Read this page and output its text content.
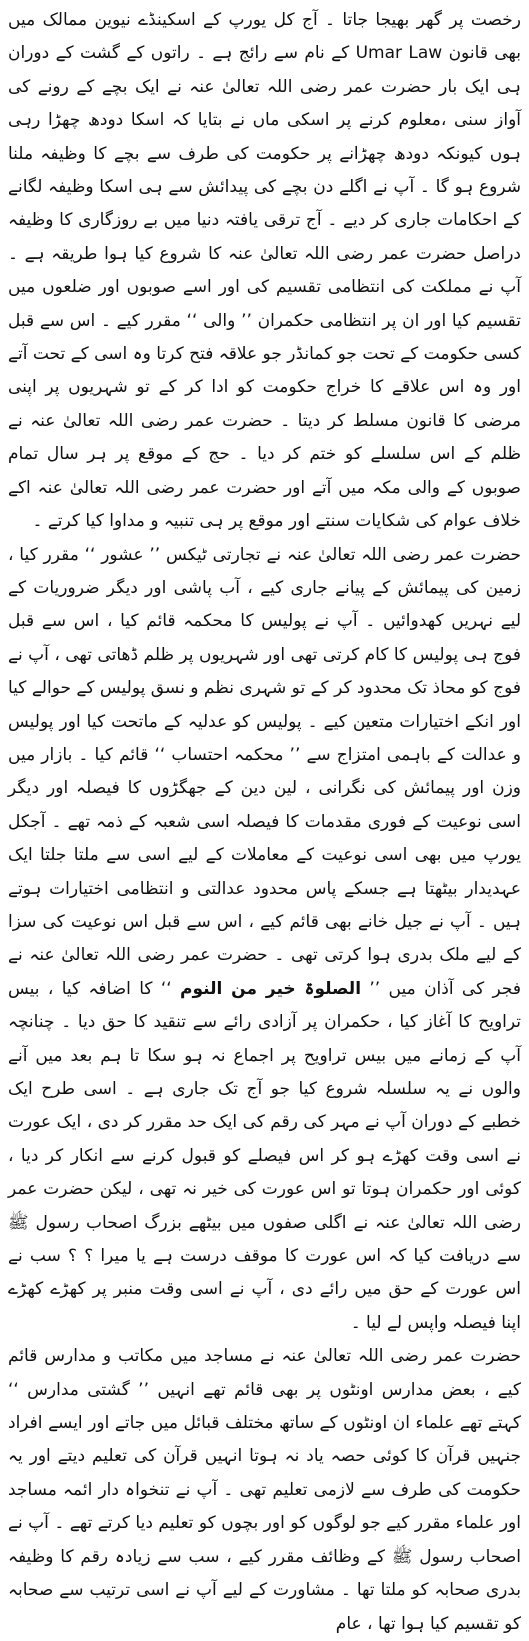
رخصت پر گھر بھیجا جاتا ۔ آج کل یورپ کے اسکینڈے نیوین ممالک میں بھی قانون Umar Law کے نام سے رائج ہے ۔ راتوں کے گشت کے دوران ہی ایک بار حضرت عمر رضی اللہ تعالیٰ عنہ نے ایک بچے کے رونے کی آواز سنی ،معلوم کرنے پر اسکی ماں نے بتایا کہ اسکا دودھ چھڑا رہی ہوں کیونکہ دودھ چھڑانے پر حکومت کی طرف سے بچے کا وظیفہ ملنا شروع ہو گا ۔ آپ نے اگلے دن بچے کی پیدائش سے ہی اسکا وظیفہ لگانے کے احکامات جاری کر دیے ۔ آج ترقی یافتہ دنیا میں بے روزگاری کا وظیفہ دراصل حضرت عمر رضی اللہ تعالیٰ عنہ کا شروع کیا ہوا طریقہ ہے ۔ آپ نے مملکت کی انتظامی تقسیم کی اور اسے صوبوں اور ضلعوں میں تقسیم کیا اور ان پر انتظامی حکمران ’’ والی ‘‘ مقرر کیے ۔ اس سے قبل کسی حکومت کے تحت جو کمانڈر جو علاقہ فتح کرتا وہ اسی کے تحت آتے اور وہ اس علاقے کا خراج حکومت کو ادا کر کے تو شہریوں پر اپنی مرضی کا قانون مسلط کر دیتا ۔ حضرت عمر رضی اللہ تعالیٰ عنہ نے ظلم کے اس سلسلے کو ختم کر دیا ۔ حج کے موقع پر ہر سال تمام صوبوں کے والی مکہ میں آتے اور حضرت عمر رضی اللہ تعالیٰ عنہ اکے خلاف عوام کی شکایات سنتے اور موقع پر ہی تنبیہ و مداوا کیا کرتے ۔

حضرت عمر رضی اللہ تعالیٰ عنہ نے تجارتی ٹیکس ’’ عشور ‘‘ مقرر کیا ، زمین کی پیمائش کے پیانے جاری کیے ، آب پاشی اور دیگر ضروریات کے لیے نہریں کھدوائیں ۔ آپ نے پولیس کا محکمہ قائم کیا ، اس سے قبل فوج ہی پولیس کا کام کرتی تھی اور شہریوں پر ظلم ڈھاتی تھی ، آپ نے فوج کو محاذ تک محدود کر کے تو شہری نظم و نسق پولیس کے حوالے کیا اور انکے اختیارات متعین کیے ۔ پولیس کو عدلیہ کے ماتحت کیا اور پولیس و عدالت کے باہمی امتزاج سے ’’ محکمہ احتساب ‘‘ قائم کیا ۔ بازار میں وزن اور پیمائش کی نگرانی ، لین دین کے جھگڑوں کا فیصلہ اور دیگر اسی نوعیت کے فوری مقدمات کا فیصلہ اسی شعبہ کے ذمہ تھے ۔ آجکل یورپ میں بھی اسی نوعیت کے معاملات کے لیے اسی سے ملتا جلتا ایک عہدیدار بیٹھتا ہے جسکے پاس محدود عدالتی و انتظامی اختیارات ہوتے ہیں ۔ آپ نے جیل خانے بھی قائم کیے ، اس سے قبل اس نوعیت کی سزا کے لیے ملک بدری ہوا کرتی تھی ۔ حضرت عمر رضی اللہ تعالیٰ عنہ نے فجر کی آذان میں ’’ الصلوۃ خیر من النوم ‘‘ کا اضافہ کیا ، بیس تراویح کا آغاز کیا ، حکمران پر آزادی رائے سے تنقید کا حق دیا ۔ چنانچہ آپ کے زمانے میں بیس تراویح پر اجماع نہ ہو سکا تا ہم بعد میں آنے والوں نے یہ سلسلہ شروع کیا جو آج تک جاری ہے ۔ اسی طرح ایک خطبے کے دوران آپ نے مہر کی رقم کی ایک حد مقرر کر دی ، ایک عورت نے اسی وقت کھڑے ہو کر اس فیصلے کو قبول کرنے سے انکار کر دیا ، کوئی اور حکمران ہوتا تو اس عورت کی خیر نہ تھی ، لیکن حضرت عمر رضی اللہ تعالیٰ عنہ نے اگلی صفوں میں بیٹھے بزرگ اصحاب رسول ﷺ سے دریافت کیا کہ اس عورت کا موقف درست ہے یا میرا ؟ ؟ سب نے اس عورت کے حق میں رائے دی ، آپ نے اسی وقت منبر پر کھڑے کھڑے اپنا فیصلہ واپس لے لیا ۔

حضرت عمر رضی اللہ تعالیٰ عنہ نے مساجد میں مکاتب و مدارس قائم کیے ، بعض مدارس اونٹوں پر بھی قائم تھے انہیں ’’ گشتی مدارس ‘‘ کہتے تھے علماء ان اونٹوں کے ساتھ مختلف قبائل میں جاتے اور ایسے افراد جنہیں قرآن کا کوئی حصہ یاد نہ ہوتا انہیں قرآن کی تعلیم دیتے اور یہ حکومت کی طرف سے لازمی تعلیم تھی ۔ آپ نے تنخواہ دار ائمہ مساجد اور علماء مقرر کیے جو لوگوں کو اور بچوں کو تعلیم دیا کرتے تھے ۔ آپ نے اصحاب رسول ﷺ کے وظائف مقرر کیے ، سب سے زیادہ رقم کا وظیفہ بدری صحابہ کو ملتا تھا ۔ مشاورت کے لیے آپ نے اسی ترتیب سے صحابہ کو تقسیم کیا ہوا تھا ، عام
